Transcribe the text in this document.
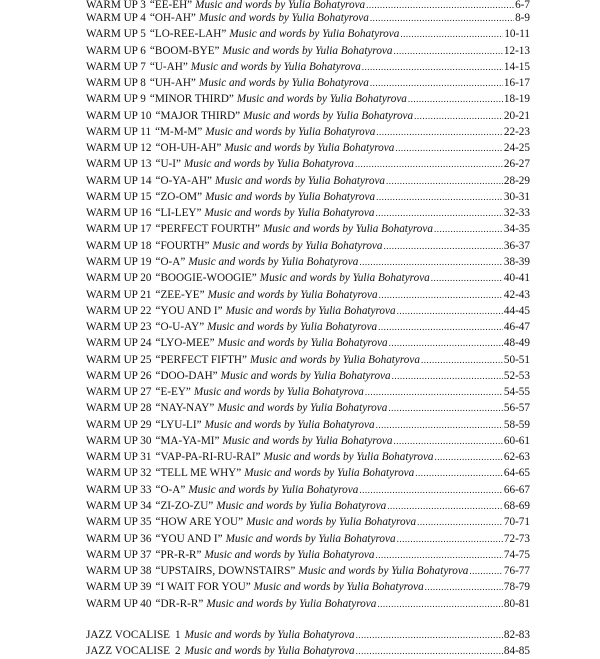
WARM UP 3 “EE-EH” Music and words by Yulia Bohatyrova .....	6-7
WARM UP 4 “OH-AH” Music and words by Yulia Bohatyrova .....	8-9
WARM UP 5 “LO-REE-LAH” Music and words by Yulia Bohatyrova .....	10-11
WARM UP 6 “BOOM-BYE” Music and words by Yulia Bohatyrova .....	12-13
WARM UP 7 “U-AH” Music and words by Yulia Bohatyrova .....	14-15
WARM UP 8 “UH-AH” Music and words by Yulia Bohatyrova .....	16-17
WARM UP 9 “MINOR THIRD” Music and words by Yulia Bohatyrova .....	18-19
WARM UP 10 “MAJOR THIRD” Music and words by Yulia Bohatyrova .....	20-21
WARM UP 11 “M-M-M” Music and words by Yulia Bohatyrova .....	22-23
WARM UP 12 “OH-UH-AH” Music and words by Yulia Bohatyrova .....	24-25
WARM UP 13 “U-I” Music and words by Yulia Bohatyrova .....	26-27
WARM UP 14 “O-YA-AH” Music and words by Yulia Bohatyrova .....	28-29
WARM UP 15 “ZO-OM” Music and words by Yulia Bohatyrova .....	30-31
WARM UP 16 “LI-LEY” Music and words by Yulia Bohatyrova .....	32-33
WARM UP 17 “PERFECT FOURTH” Music and words by Yulia Bohatyrova .....	34-35
WARM UP 18 “FOURTH” Music and words by Yulia Bohatyrova .....	36-37
WARM UP 19 “O-A” Music and words by Yulia Bohatyrova .....	38-39
WARM UP 20 “BOOGIE-WOOGIE” Music and words by Yulia Bohatyrova .....	40-41
WARM UP 21 “ZEE-YE” Music and words by Yulia Bohatyrova .....	42-43
WARM UP 22 “YOU AND I” Music and words by Yulia Bohatyrova .....	44-45
WARM UP 23 “O-U-AY” Music and words by Yulia Bohatyrova .....	46-47
WARM UP 24 “LYO-MEE” Music and words by Yulia Bohatyrova .....	48-49
WARM UP 25 “PERFECT FIFTH” Music and words by Yulia Bohatyrova .....	50-51
WARM UP 26 “DOO-DAH” Music and words by Yulia Bohatyrova .....	52-53
WARM UP 27 “E-EY” Music and words by Yulia Bohatyrova .....	54-55
WARM UP 28 “NAY-NAY” Music and words by Yulia Bohatyrova .....	56-57
WARM UP 29 “LYU-LI” Music and words by Yulia Bohatyrova .....	58-59
WARM UP 30 “MA-YA-MI” Music and words by Yulia Bohatyrova .....	60-61
WARM UP 31 “VAP-PA-RI-RU-RAI” Music and words by Yulia Bohatyrova .....	62-63
WARM UP 32 “TELL ME WHY” Music and words by Yulia Bohatyrova .....	64-65
WARM UP 33 “O-A” Music and words by Yulia Bohatyrova .....	66-67
WARM UP 34 “ZI-ZO-ZU” Music and words by Yulia Bohatyrova .....	68-69
WARM UP 35 “HOW ARE YOU” Music and words by Yulia Bohatyrova .....	70-71
WARM UP 36 “YOU AND I” Music and words by Yulia Bohatyrova .....	72-73
WARM UP 37 “PR-R-R” Music and words by Yulia Bohatyrova .....	74-75
WARM UP 38 “UPSTAIRS, DOWNSTAIRS” Music and words by Yulia Bohatyrova .....	76-77
WARM UP 39 “I WAIT FOR YOU” Music and words by Yulia Bohatyrova .....	78-79
WARM UP 40 “DR-R-R” Music and words by Yulia Bohatyrova .....	80-81
JAZZ VOCALISE 1 Music and words by Yulia Bohatyrova .....	82-83
JAZZ VOCALISE 2 Music and words by Yulia Bohatyrova .....	84-85
